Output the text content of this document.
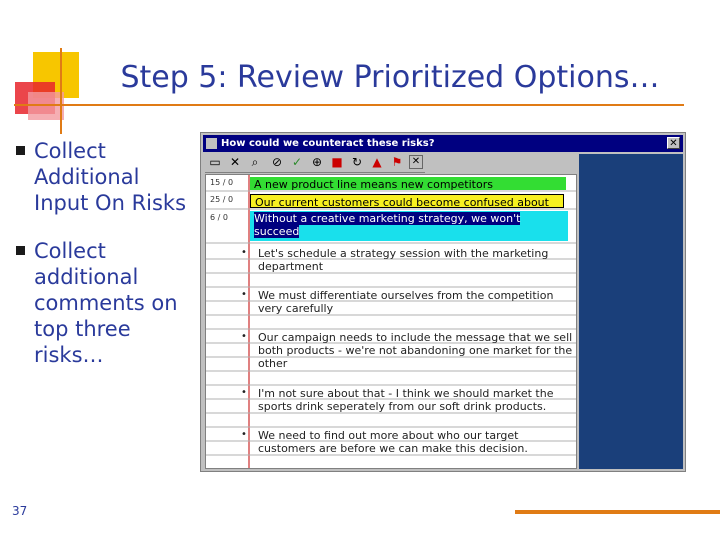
Step 5: Review Prioritized Options…
Collect Additional Input On Risks
Collect additional comments on top three risks…
37
How could we counteract these risks?	✕
▭ ✕ ⌕	⊘ ✓ ⊕ ■ ↻ ▲ ⚑ ✕
15 / 0
25 / 0
6 / 0
A new product line means new competitors
Our current customers could become confused about
Without a creative marketing strategy, we won't succeed
• Let's schedule a strategy session with the marketing department
• We must differentiate ourselves from the competition very carefully
• Our campaign needs to include the message that we sell both products - we're not abandoning one market for the other
• I'm not sure about that - I think we should market the sports drink seperately from our soft drink products.
• We need to find out more about who our target customers are before we can make this decision.
